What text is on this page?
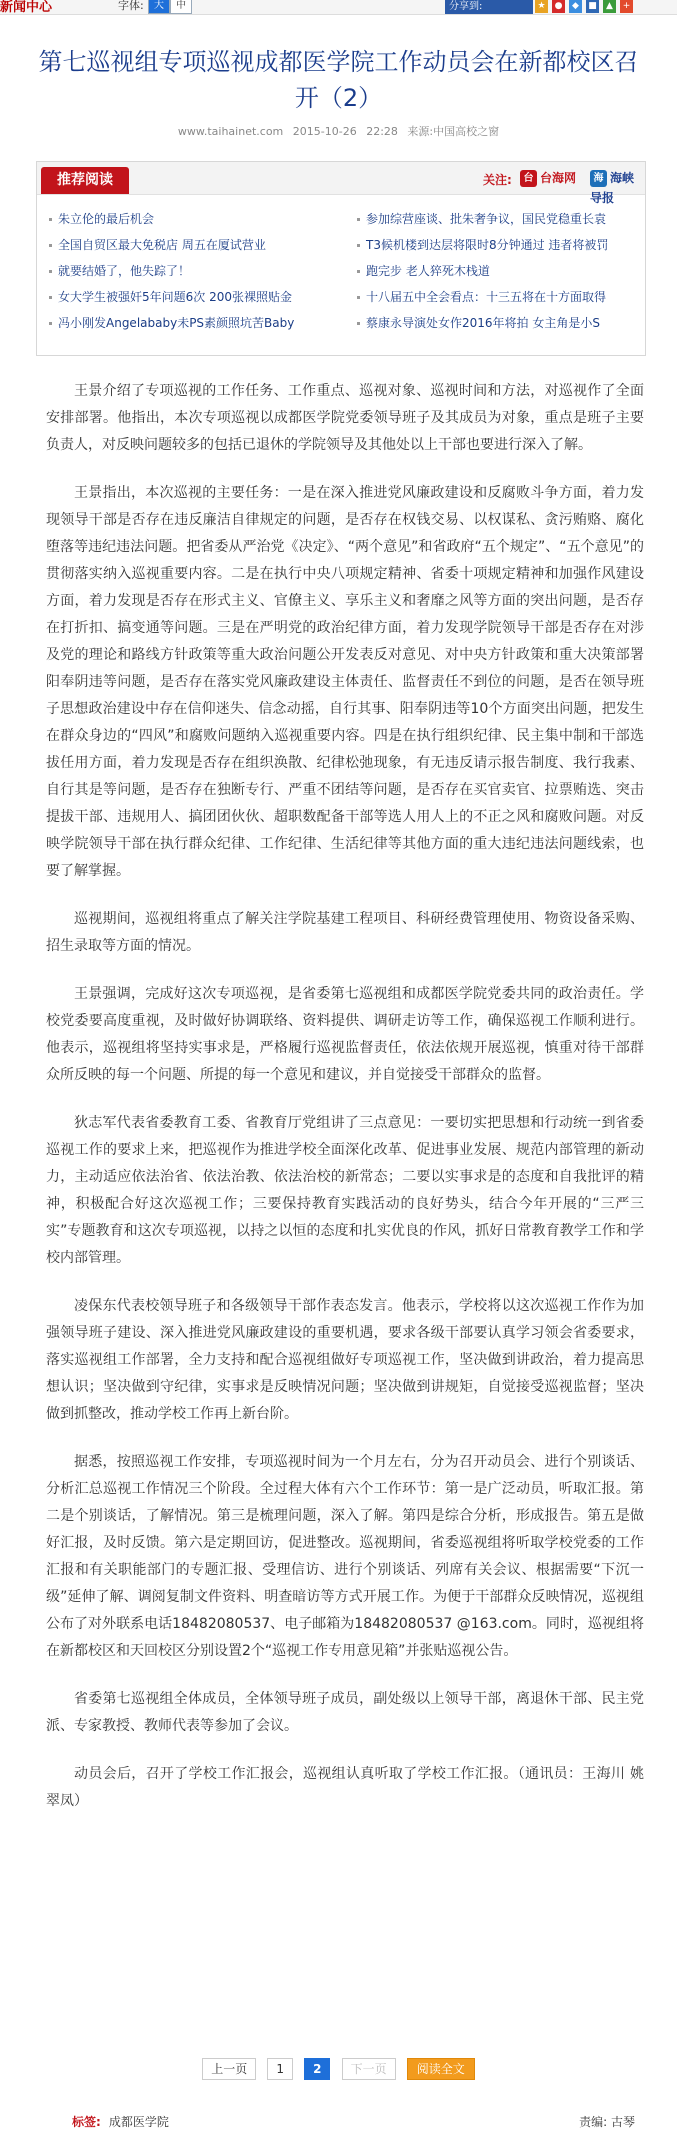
新闻中心	字体:	大	中	分享到:	★ ●	◆	■	▲	+
第七巡视组专项巡视成都医学院工作动员会在新都校区召开（2）
www.taihainet.com 2015-10-26 22:28 来源:中国高校之窗
推荐阅读	关注:	台 台海网	海 海峡导报
朱立伦的最后机会
全国自贸区最大免税店 周五在厦试营业
就要结婚了，他失踪了！
女大学生被强奸5年问题6次 200张裸照贴金
冯小刚发Angelababy未PS素颜照坑苦Baby
参加综营座谈、批朱奢争议，国民党稳重长袁
T3候机楼到达层将限时8分钟通过 违者将被罚
跑完步 老人猝死木栈道
十八届五中全会看点：十三五将在十方面取得
蔡康永导演处女作2016年将拍 女主角是小S

王景介绍了专项巡视的工作任务、工作重点、巡视对象、巡视时间和方法，对巡视作了全面安排部署。他指出，本次专项巡视以成都医学院党委领导班子及其成员为对象，重点是班子主要负责人，对反映问题较多的包括已退休的学院领导及其他处以上干部也要进行深入了解。

王景指出，本次巡视的主要任务：一是在深入推进党风廉政建设和反腐败斗争方面，着力发现领导干部是否存在违反廉洁自律规定的问题，是否存在权钱交易、以权谋私、贪污贿赂、腐化堕落等违纪违法问题。把省委从严治党《决定》、“两个意见”和省政府“五个规定”、“五个意见”的贯彻落实纳入巡视重要内容。二是在执行中央八项规定精神、省委十项规定精神和加强作风建设方面，着力发现是否存在形式主义、官僚主义、享乐主义和奢靡之风等方面的突出问题，是否存在打折扣、搞变通等问题。三是在严明党的政治纪律方面，着力发现学院领导干部是否存在对涉及党的理论和路线方针政策等重大政治问题公开发表反对意见、对中央方针政策和重大决策部署阳奉阴违等问题，是否存在落实党风廉政建设主体责任、监督责任不到位的问题，是否在领导班子思想政治建设中存在信仰迷失、信念动摇，自行其事、阳奉阴违等10个方面突出问题，把发生在群众身边的“四风”和腐败问题纳入巡视重要内容。四是在执行组织纪律、民主集中制和干部选拔任用方面，着力发现是否存在组织涣散、纪律松弛现象，有无违反请示报告制度、我行我素、自行其是等问题，是否存在独断专行、严重不团结等问题，是否存在买官卖官、拉票贿选、突击提拔干部、违规用人、搞团团伙伙、超职数配备干部等选人用人上的不正之风和腐败问题。对反映学院领导干部在执行群众纪律、工作纪律、生活纪律等其他方面的重大违纪违法问题线索，也要了解掌握。

巡视期间，巡视组将重点了解关注学院基建工程项目、科研经费管理使用、物资设备采购、招生录取等方面的情况。

王景强调，完成好这次专项巡视，是省委第七巡视组和成都医学院党委共同的政治责任。学校党委要高度重视，及时做好协调联络、资料提供、调研走访等工作，确保巡视工作顺利进行。他表示，巡视组将坚持实事求是，严格履行巡视监督责任，依法依规开展巡视，慎重对待干部群众所反映的每一个问题、所提的每一个意见和建议，并自觉接受干部群众的监督。

狄志军代表省委教育工委、省教育厅党组讲了三点意见：一要切实把思想和行动统一到省委巡视工作的要求上来，把巡视作为推进学校全面深化改革、促进事业发展、规范内部管理的新动力，主动适应依法治省、依法治教、依法治校的新常态；二要以实事求是的态度和自我批评的精神，积极配合好这次巡视工作；三要保持教育实践活动的良好势头，结合今年开展的“三严三实”专题教育和这次专项巡视，以持之以恒的态度和扎实优良的作风，抓好日常教育教学工作和学校内部管理。

凌保东代表校领导班子和各级领导干部作表态发言。他表示，学校将以这次巡视工作作为加强领导班子建设、深入推进党风廉政建设的重要机遇，要求各级干部要认真学习领会省委要求，落实巡视组工作部署，全力支持和配合巡视组做好专项巡视工作，坚决做到讲政治，着力提高思想认识；坚决做到守纪律，实事求是反映情况问题；坚决做到讲规矩，自觉接受巡视监督；坚决做到抓整改，推动学校工作再上新台阶。

据悉，按照巡视工作安排，专项巡视时间为一个月左右，分为召开动员会、进行个别谈话、分析汇总巡视工作情况三个阶段。全过程大体有六个工作环节：第一是广泛动员，听取汇报。第二是个别谈话，了解情况。第三是梳理问题，深入了解。第四是综合分析，形成报告。第五是做好汇报，及时反馈。第六是定期回访，促进整改。巡视期间，省委巡视组将听取学校党委的工作汇报和有关职能部门的专题汇报、受理信访、进行个别谈话、列席有关会议、根据需要“下沉一级”延伸了解、调阅复制文件资料、明查暗访等方式开展工作。为便于干部群众反映情况，巡视组公布了对外联系电话18482080537、电子邮箱为18482080537 @163.com。同时，巡视组将在新都校区和天回校区分别设置2个“巡视工作专用意见箱”并张贴巡视公告。

省委第七巡视组全体成员，全体领导班子成员，副处级以上领导干部，离退休干部、民主党派、专家教授、教师代表等参加了会议。

动员会后，召开了学校工作汇报会，巡视组认真听取了学校工作汇报。（通讯员：王海川 姚翠凤）

上一页 1 2 下一页	阅读全文
标签: 成都医学院	责编: 古琴
